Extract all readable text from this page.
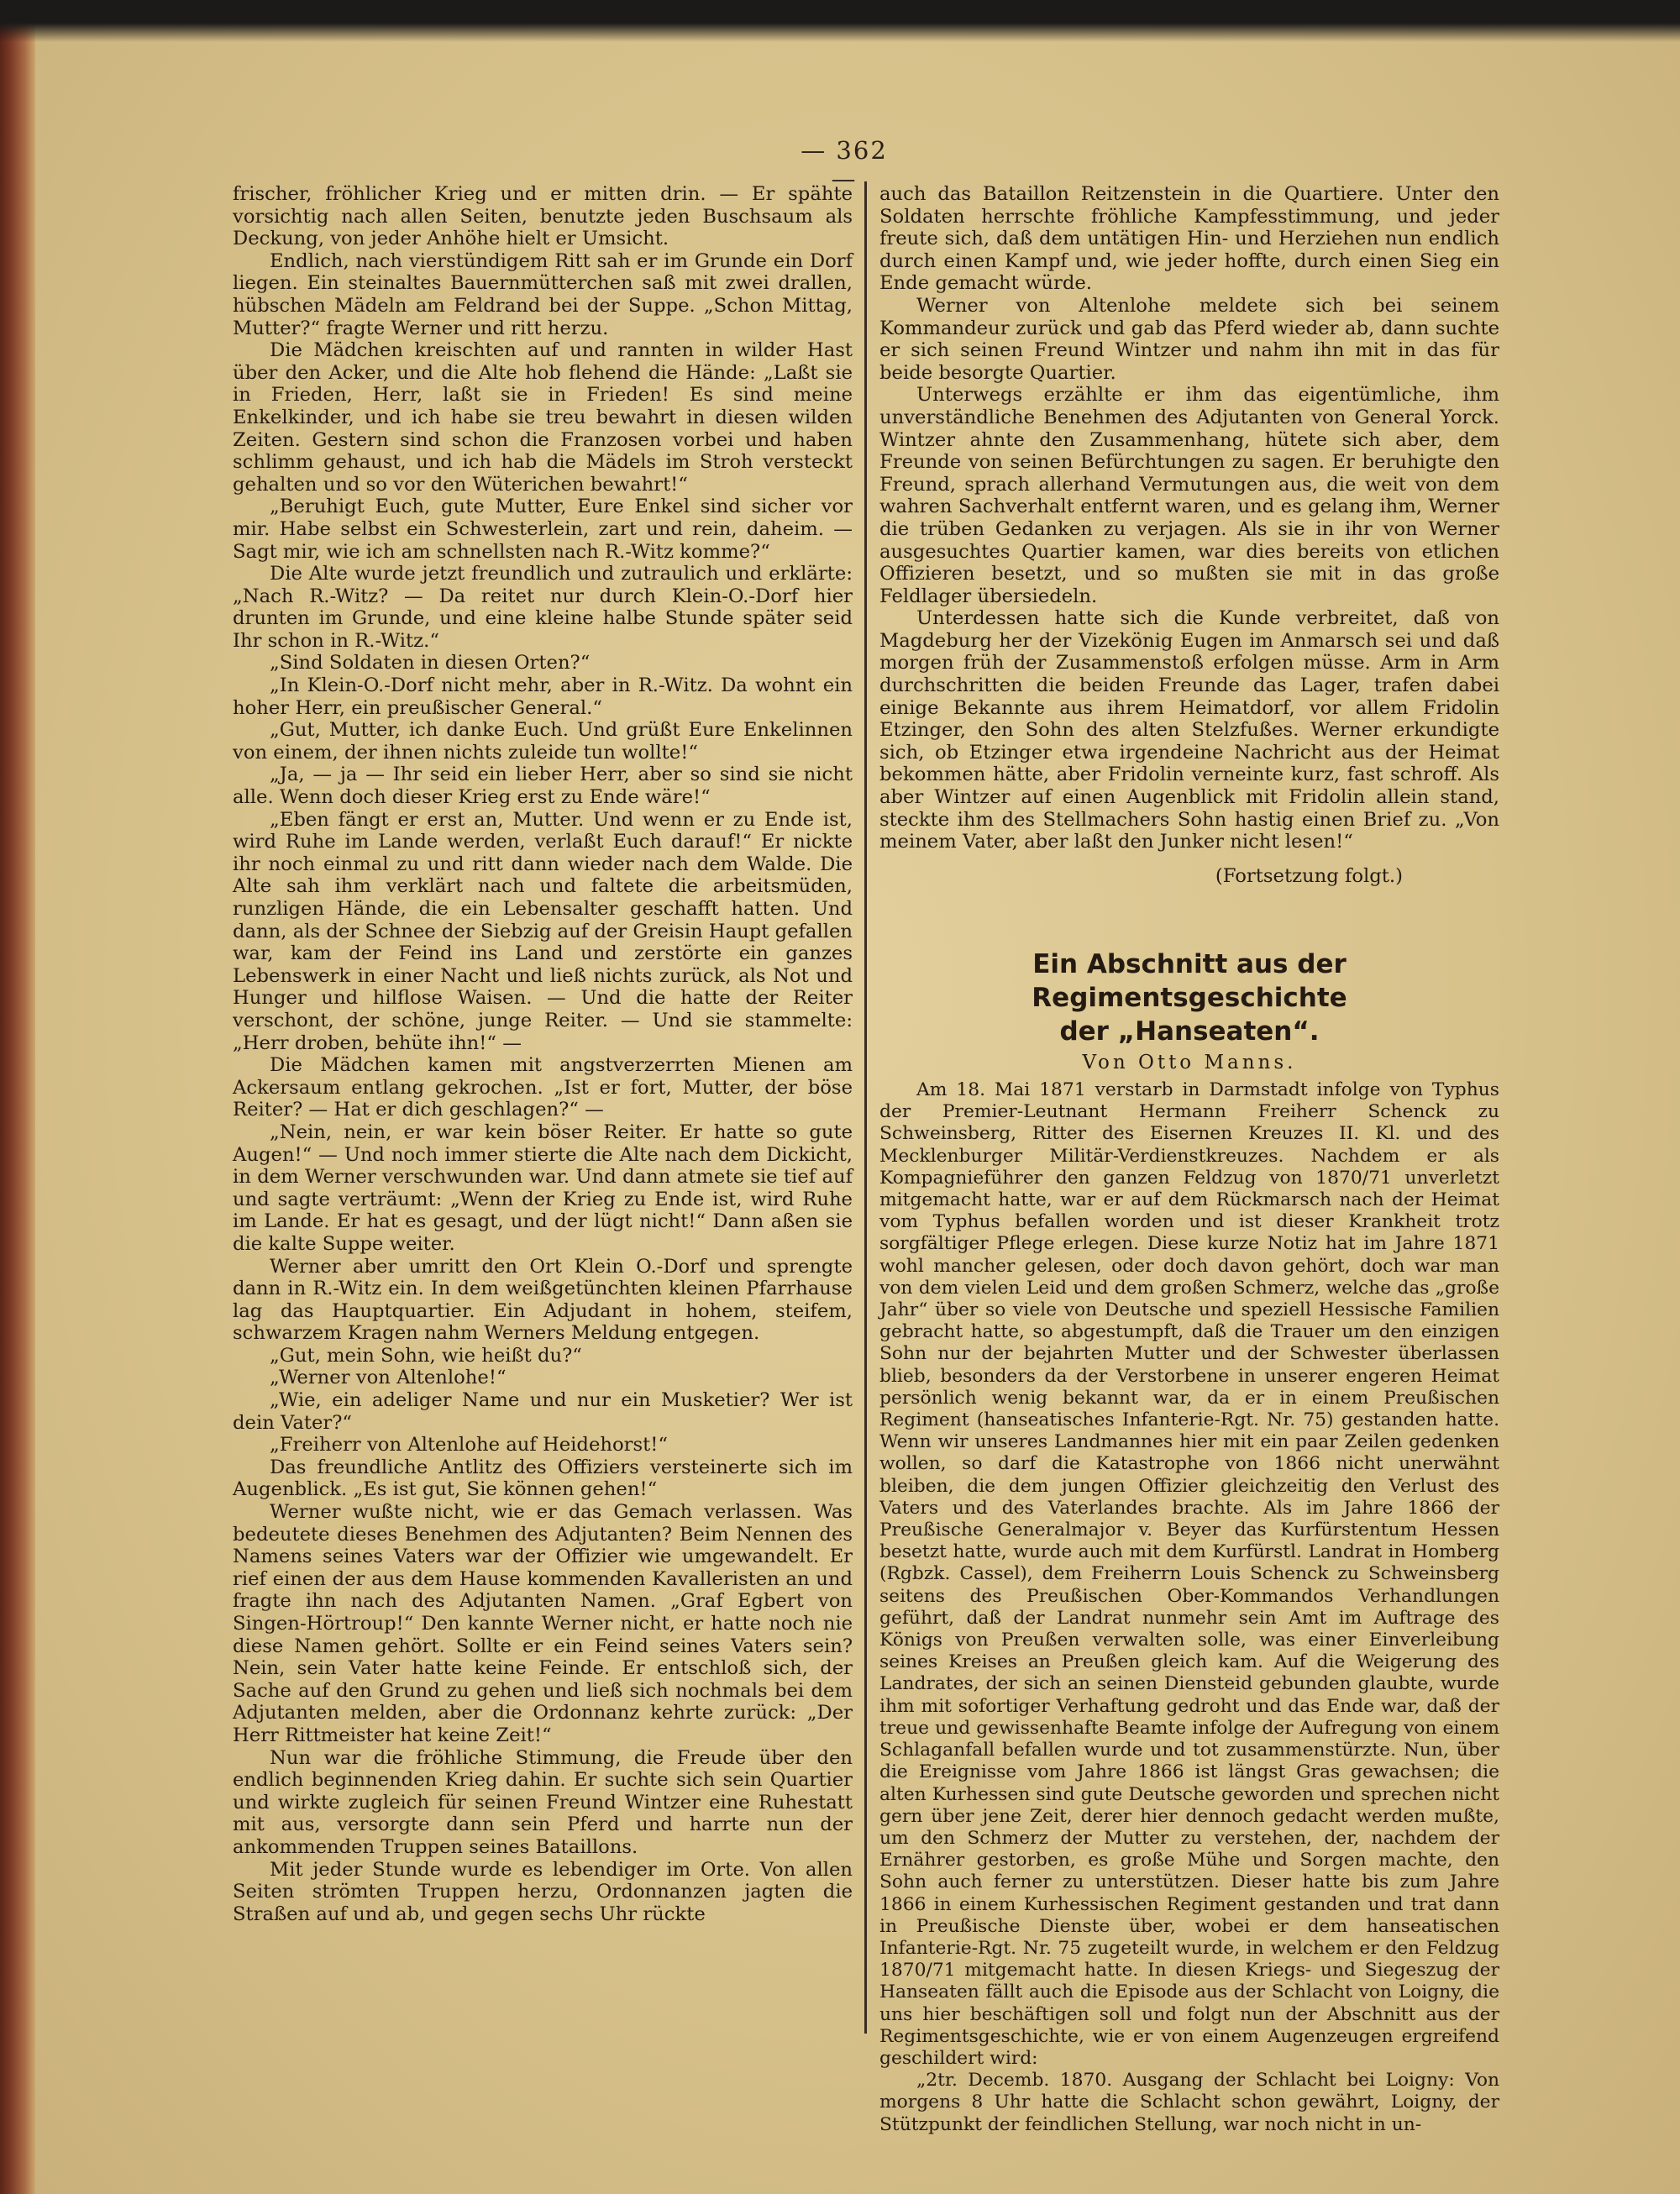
— 362 —

frischer, fröhlicher Krieg und er mitten drin. — Er spähte vorsichtig nach allen Seiten, benutzte jeden Buschsaum als Deckung, von jeder Anhöhe hielt er Umsicht.

Endlich, nach vierstündigem Ritt sah er im Grunde ein Dorf liegen. Ein steinaltes Bauernmütterchen saß mit zwei drallen, hübschen Mädeln am Feldrand bei der Suppe. „Schon Mittag, Mutter?“ fragte Werner und ritt herzu.

Die Mädchen kreischten auf und rannten in wilder Hast über den Acker, und die Alte hob flehend die Hände: „Laßt sie in Frieden, Herr, laßt sie in Frieden! Es sind meine Enkelkinder, und ich habe sie treu bewahrt in diesen wilden Zeiten. Gestern sind schon die Franzosen vorbei und haben schlimm gehaust, und ich hab die Mädels im Stroh versteckt gehalten und so vor den Wüterichen bewahrt!“

„Beruhigt Euch, gute Mutter, Eure Enkel sind sicher vor mir. Habe selbst ein Schwesterlein, zart und rein, daheim. — Sagt mir, wie ich am schnellsten nach R.-Witz komme?“

Die Alte wurde jetzt freundlich und zutraulich und erklärte: „Nach R.-Witz? — Da reitet nur durch Klein-O.-Dorf hier drunten im Grunde, und eine kleine halbe Stunde später seid Ihr schon in R.-Witz.“

„Sind Soldaten in diesen Orten?“

„In Klein-O.-Dorf nicht mehr, aber in R.-Witz. Da wohnt ein hoher Herr, ein preußischer General.“

„Gut, Mutter, ich danke Euch. Und grüßt Eure Enkelinnen von einem, der ihnen nichts zuleide tun wollte!“

„Ja, — ja — Ihr seid ein lieber Herr, aber so sind sie nicht alle. Wenn doch dieser Krieg erst zu Ende wäre!“

„Eben fängt er erst an, Mutter. Und wenn er zu Ende ist, wird Ruhe im Lande werden, verlaßt Euch darauf!“ Er nickte ihr noch einmal zu und ritt dann wieder nach dem Walde. Die Alte sah ihm verklärt nach und faltete die arbeitsmüden, runzligen Hände, die ein Lebensalter geschafft hatten. Und dann, als der Schnee der Siebzig auf der Greisin Haupt gefallen war, kam der Feind ins Land und zerstörte ein ganzes Lebenswerk in einer Nacht und ließ nichts zurück, als Not und Hunger und hilflose Waisen. — Und die hatte der Reiter verschont, der schöne, junge Reiter. — Und sie stammelte: „Herr droben, behüte ihn!“ —

Die Mädchen kamen mit angstverzerrten Mienen am Ackersaum entlang gekrochen. „Ist er fort, Mutter, der böse Reiter? — Hat er dich geschlagen?“ —

„Nein, nein, er war kein böser Reiter. Er hatte so gute Augen!“ — Und noch immer stierte die Alte nach dem Dickicht, in dem Werner verschwunden war. Und dann atmete sie tief auf und sagte verträumt: „Wenn der Krieg zu Ende ist, wird Ruhe im Lande. Er hat es gesagt, und der lügt nicht!“ Dann aßen sie die kalte Suppe weiter.

Werner aber umritt den Ort Klein O.-Dorf und sprengte dann in R.-Witz ein. In dem weißgetünchten kleinen Pfarrhause lag das Hauptquartier. Ein Adjudant in hohem, steifem, schwarzem Kragen nahm Werners Meldung entgegen.

„Gut, mein Sohn, wie heißt du?“

„Werner von Altenlohe!“

„Wie, ein adeliger Name und nur ein Musketier? Wer ist dein Vater?“

„Freiherr von Altenlohe auf Heidehorst!“

Das freundliche Antlitz des Offiziers versteinerte sich im Augenblick. „Es ist gut, Sie können gehen!“

Werner wußte nicht, wie er das Gemach verlassen. Was bedeutete dieses Benehmen des Adjutanten? Beim Nennen des Namens seines Vaters war der Offizier wie umgewandelt. Er rief einen der aus dem Hause kommenden Kavalleristen an und fragte ihn nach des Adjutanten Namen. „Graf Egbert von Singen-Hörtroup!“ Den kannte Werner nicht, er hatte noch nie diese Namen gehört. Sollte er ein Feind seines Vaters sein? Nein, sein Vater hatte keine Feinde. Er entschloß sich, der Sache auf den Grund zu gehen und ließ sich nochmals bei dem Adjutanten melden, aber die Ordonnanz kehrte zurück: „Der Herr Rittmeister hat keine Zeit!“

Nun war die fröhliche Stimmung, die Freude über den endlich beginnenden Krieg dahin. Er suchte sich sein Quartier und wirkte zugleich für seinen Freund Wintzer eine Ruhestatt mit aus, versorgte dann sein Pferd und harrte nun der ankommenden Truppen seines Bataillons.

Mit jeder Stunde wurde es lebendiger im Orte. Von allen Seiten strömten Truppen herzu, Ordonnanzen jagten die Straßen auf und ab, und gegen sechs Uhr rückte

auch das Bataillon Reitzenstein in die Quartiere. Unter den Soldaten herrschte fröhliche Kampfesstimmung, und jeder freute sich, daß dem untätigen Hin- und Herziehen nun endlich durch einen Kampf und, wie jeder hoffte, durch einen Sieg ein Ende gemacht würde.

Werner von Altenlohe meldete sich bei seinem Kommandeur zurück und gab das Pferd wieder ab, dann suchte er sich seinen Freund Wintzer und nahm ihn mit in das für beide besorgte Quartier.

Unterwegs erzählte er ihm das eigentümliche, ihm unverständliche Benehmen des Adjutanten von General Yorck. Wintzer ahnte den Zusammenhang, hütete sich aber, dem Freunde von seinen Befürchtungen zu sagen. Er beruhigte den Freund, sprach allerhand Vermutungen aus, die weit von dem wahren Sachverhalt entfernt waren, und es gelang ihm, Werner die trüben Gedanken zu verjagen. Als sie in ihr von Werner ausgesuchtes Quartier kamen, war dies bereits von etlichen Offizieren besetzt, und so mußten sie mit in das große Feldlager übersiedeln.

Unterdessen hatte sich die Kunde verbreitet, daß von Magdeburg her der Vizekönig Eugen im Anmarsch sei und daß morgen früh der Zusammenstoß erfolgen müsse. Arm in Arm durchschritten die beiden Freunde das Lager, trafen dabei einige Bekannte aus ihrem Heimatdorf, vor allem Fridolin Etzinger, den Sohn des alten Stelzfußes. Werner erkundigte sich, ob Etzinger etwa irgendeine Nachricht aus der Heimat bekommen hätte, aber Fridolin verneinte kurz, fast schroff. Als aber Wintzer auf einen Augenblick mit Fridolin allein stand, steckte ihm des Stellmachers Sohn hastig einen Brief zu. „Von meinem Vater, aber laßt den Junker nicht lesen!“

(Fortsetzung folgt.)

Ein Abschnitt aus der Regimentsgeschichte
der „Hanseaten“.

Von Otto Manns.

Am 18. Mai 1871 verstarb in Darmstadt infolge von Typhus der Premier-Leutnant Hermann Freiherr Schenck zu Schweinsberg, Ritter des Eisernen Kreuzes II. Kl. und des Mecklenburger Militär-Verdienstkreuzes. Nachdem er als Kompagnieführer den ganzen Feldzug von 1870/71 unverletzt mitgemacht hatte, war er auf dem Rückmarsch nach der Heimat vom Typhus befallen worden und ist dieser Krankheit trotz sorgfältiger Pflege erlegen. Diese kurze Notiz hat im Jahre 1871 wohl mancher gelesen, oder doch davon gehört, doch war man von dem vielen Leid und dem großen Schmerz, welche das „große Jahr“ über so viele von Deutsche und speziell Hessische Familien gebracht hatte, so abgestumpft, daß die Trauer um den einzigen Sohn nur der bejahrten Mutter und der Schwester überlassen blieb, besonders da der Verstorbene in unserer engeren Heimat persönlich wenig bekannt war, da er in einem Preußischen Regiment (hanseatisches Infanterie-Rgt. Nr. 75) gestanden hatte. Wenn wir unseres Landmannes hier mit ein paar Zeilen gedenken wollen, so darf die Katastrophe von 1866 nicht unerwähnt bleiben, die dem jungen Offizier gleichzeitig den Verlust des Vaters und des Vaterlandes brachte. Als im Jahre 1866 der Preußische Generalmajor v. Beyer das Kurfürstentum Hessen besetzt hatte, wurde auch mit dem Kurfürstl. Landrat in Homberg (Rgbzk. Cassel), dem Freiherrn Louis Schenck zu Schweinsberg seitens des Preußischen Ober-Kommandos Verhandlungen geführt, daß der Landrat nunmehr sein Amt im Auftrage des Königs von Preußen verwalten solle, was einer Einverleibung seines Kreises an Preußen gleich kam. Auf die Weigerung des Landrates, der sich an seinen Diensteid gebunden glaubte, wurde ihm mit sofortiger Verhaftung gedroht und das Ende war, daß der treue und gewissenhafte Beamte infolge der Aufregung von einem Schlaganfall befallen wurde und tot zusammenstürzte. Nun, über die Ereignisse vom Jahre 1866 ist längst Gras gewachsen; die alten Kurhessen sind gute Deutsche geworden und sprechen nicht gern über jene Zeit, derer hier dennoch gedacht werden mußte, um den Schmerz der Mutter zu verstehen, der, nachdem der Ernährer gestorben, es große Mühe und Sorgen machte, den Sohn auch ferner zu unterstützen. Dieser hatte bis zum Jahre 1866 in einem Kurhessischen Regiment gestanden und trat dann in Preußische Dienste über, wobei er dem hanseatischen Infanterie-Rgt. Nr. 75 zugeteilt wurde, in welchem er den Feldzug 1870/71 mitgemacht hatte. In diesen Kriegs- und Siegeszug der Hanseaten fällt auch die Episode aus der Schlacht von Loigny, die uns hier beschäftigen soll und folgt nun der Abschnitt aus der Regimentsgeschichte, wie er von einem Augenzeugen ergreifend geschildert wird:

„2tr. Decemb. 1870. Ausgang der Schlacht bei Loigny: Von morgens 8 Uhr hatte die Schlacht schon gewährt, Loigny, der Stützpunkt der feindlichen Stellung, war noch nicht in un-
